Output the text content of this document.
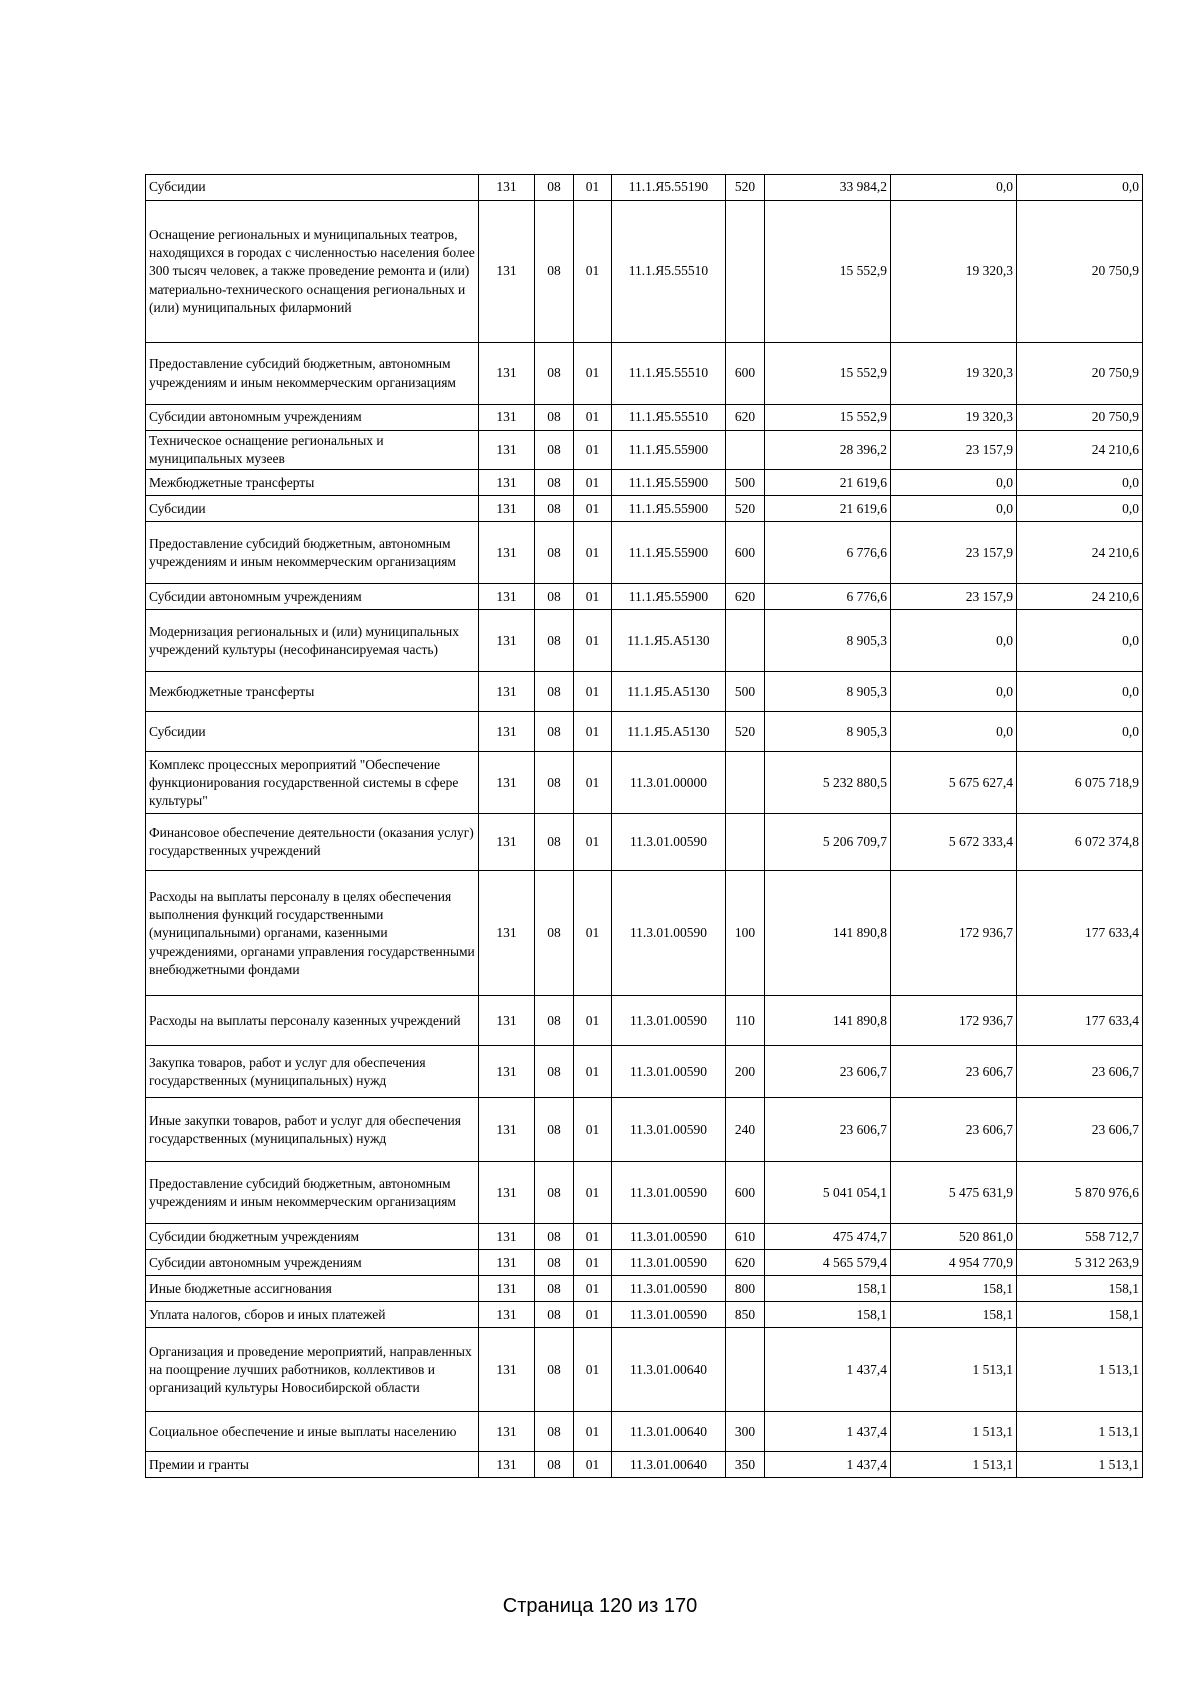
Субсидии	131	08	01	11.1.Я5.55190	520	33 984,2	0,0	0,0
Оснащение региональных и муниципальных театров, находящихся в городах с численностью населения более 300 тысяч человек, а также проведение ремонта и (или) материально-технического оснащения региональных и (или) муниципальных филармоний	131	08	01	11.1.Я5.55510		15 552,9	19 320,3	20 750,9
Предоставление субсидий бюджетным, автономным учреждениям и иным некоммерческим организациям	131	08	01	11.1.Я5.55510	600	15 552,9	19 320,3	20 750,9
Субсидии автономным учреждениям	131	08	01	11.1.Я5.55510	620	15 552,9	19 320,3	20 750,9
Техническое оснащение региональных и муниципальных музеев	131	08	01	11.1.Я5.55900		28 396,2	23 157,9	24 210,6
Межбюджетные трансферты	131	08	01	11.1.Я5.55900	500	21 619,6	0,0	0,0
Субсидии	131	08	01	11.1.Я5.55900	520	21 619,6	0,0	0,0
Предоставление субсидий бюджетным, автономным учреждениям и иным некоммерческим организациям	131	08	01	11.1.Я5.55900	600	6 776,6	23 157,9	24 210,6
Субсидии автономным учреждениям	131	08	01	11.1.Я5.55900	620	6 776,6	23 157,9	24 210,6
Модернизация региональных и (или) муниципальных учреждений культуры (несофинансируемая часть)	131	08	01	11.1.Я5.А5130		8 905,3	0,0	0,0
Межбюджетные трансферты	131	08	01	11.1.Я5.А5130	500	8 905,3	0,0	0,0
Субсидии	131	08	01	11.1.Я5.А5130	520	8 905,3	0,0	0,0
Комплекс процессных мероприятий "Обеспечение функционирования государственной системы в сфере культуры"	131	08	01	11.3.01.00000		5 232 880,5	5 675 627,4	6 075 718,9
Финансовое обеспечение деятельности (оказания услуг) государственных учреждений	131	08	01	11.3.01.00590		5 206 709,7	5 672 333,4	6 072 374,8
Расходы на выплаты персоналу в целях обеспечения выполнения функций государственными (муниципальными) органами, казенными учреждениями, органами управления государственными внебюджетными фондами	131	08	01	11.3.01.00590	100	141 890,8	172 936,7	177 633,4
Расходы на выплаты персоналу казенных учреждений	131	08	01	11.3.01.00590	110	141 890,8	172 936,7	177 633,4
Закупка товаров, работ и услуг для обеспечения государственных (муниципальных) нужд	131	08	01	11.3.01.00590	200	23 606,7	23 606,7	23 606,7
Иные закупки товаров, работ и услуг для обеспечения государственных (муниципальных) нужд	131	08	01	11.3.01.00590	240	23 606,7	23 606,7	23 606,7
Предоставление субсидий бюджетным, автономным учреждениям и иным некоммерческим организациям	131	08	01	11.3.01.00590	600	5 041 054,1	5 475 631,9	5 870 976,6
Субсидии бюджетным учреждениям	131	08	01	11.3.01.00590	610	475 474,7	520 861,0	558 712,7
Субсидии автономным учреждениям	131	08	01	11.3.01.00590	620	4 565 579,4	4 954 770,9	5 312 263,9
Иные бюджетные ассигнования	131	08	01	11.3.01.00590	800	158,1	158,1	158,1
Уплата налогов, сборов и иных платежей	131	08	01	11.3.01.00590	850	158,1	158,1	158,1
Организация и проведение мероприятий, направленных на поощрение лучших работников, коллективов и организаций культуры Новосибирской области	131	08	01	11.3.01.00640		1 437,4	1 513,1	1 513,1
Социальное обеспечение и иные выплаты населению	131	08	01	11.3.01.00640	300	1 437,4	1 513,1	1 513,1
Премии и гранты	131	08	01	11.3.01.00640	350	1 437,4	1 513,1	1 513,1
Страница 120 из 170
